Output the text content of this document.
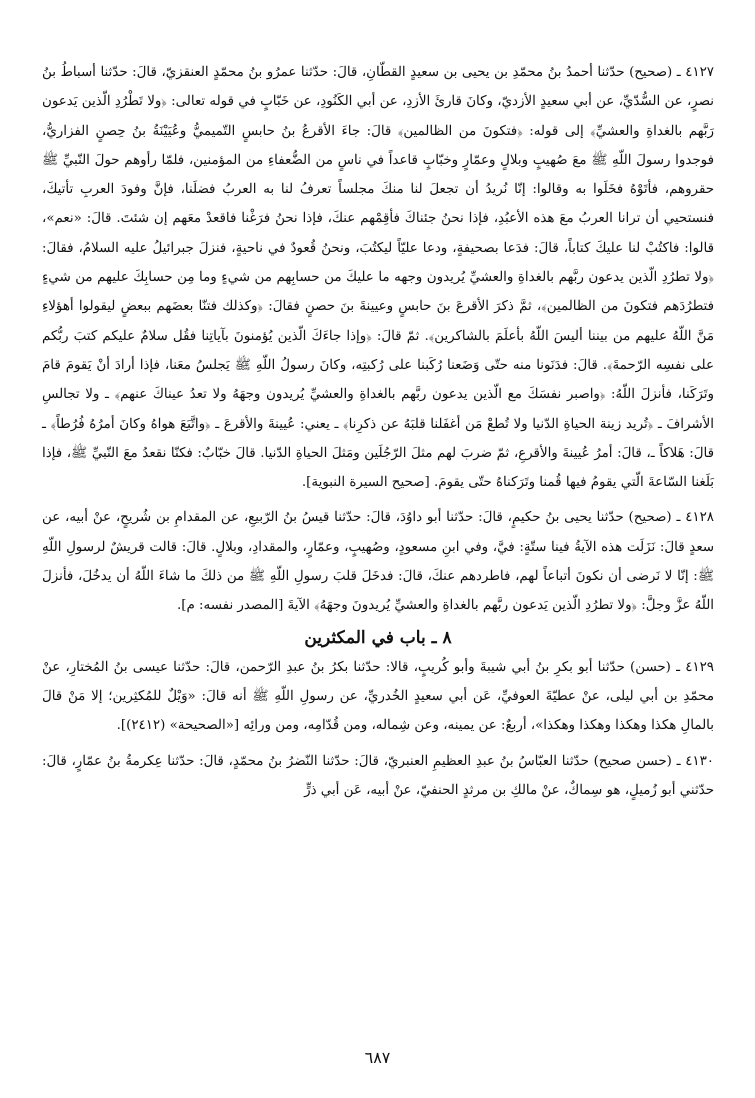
٤١٢٧ ـ (صحيح) حدّثنا أحمدُ بنُ محمّدِ بن يحيى بن سعيدٍ القطّانِ، قالَ: حدّثنا عمرُو بنُ محمّدٍ العنقزيّ، قالَ: حدّثنا أسباطُ بنُ نصرٍ، عن السُّدّيِّ، عن أبي سعيدٍ الأزديّ، وكانَ قارئَ الأزدِ، عن أبي الكَنُودِ، عن خَبّابٍ في قوله تعالى: ﴿ولا تَطْرُدِ الّذين يَدعون رَبَّهم بالغداةِ والعشيِّ﴾ إلى قوله: ﴿فتكونَ من الظالمين﴾ قالَ: جاءَ الأقرعُ بنُ حابسٍ التّميميُّ وعُيَيْنَةُ بنُ حِصنٍ الفزاريُّ، فوجدوا رسولَ اللّهِ ﷺ معَ صُهيبٍ وبلالٍ وعمّارٍ وخبّابٍ قاعداً في ناسٍ من الضُّعفاءِ من المؤمنين، فلمّا رأوهم حولَ النّبيِّ ﷺ حقروهم، فأتَوْهُ فخَلَوا به وقالوا: إنّا نُريدُ أن تجعلَ لنا منكَ مجلساً تعرفُ لنا به العربُ فضلَنا، فإنَّ وفودَ العربِ تأتيكَ، فنستحيي أن ترانا العربُ معَ هذه الأعبُدِ، فإذا نحنُ جئناكَ فأقِمْهم عنكَ، فإذا نحنُ فرَغْنا فاقعدْ معَهم إن شئتَ. قالَ: «نعم»، قالوا: فاكتُبْ لنا عليكَ كتاباً، قالَ: فدَعا بصحيفةٍ، ودعا عليّاً ليكتُبَ، ونحنُ قُعودٌ في ناحيةٍ، فنزلَ جبرائيلُ عليه السلامُ، فقالَ: ﴿ولا تطرُدِ الّذين يدعون ربَّهم بالغداةِ والعشيِّ يُريدون وجهه ما عليكَ من حسابِهم من شيءٍ وما مِن حسابِكَ عليهم من شيءٍ فتطرُدَهم فتكونَ من الظالمين﴾، ثمَّ ذكرَ الأقرعَ بنَ حابسٍ وعيينةَ بنَ حصنٍ فقالَ: ﴿وكذلك فتنّا بعضَهم ببعضٍ ليقولوا أهؤلاءِ مَنَّ اللّهُ عليهم من بيننا أليسَ اللّهُ بأعلَمَ بالشاكرين﴾. ثمّ قالَ: ﴿وإذا جاءَكَ الّذين يُؤمنونَ بآياتِنا فقُل سلامٌ عليكم كتبَ ربُّكم على نفسِه الرّحمةَ﴾. قالَ: فدَنَونا منه حتّى وَضَعنا رُكَبنا على رُكبتِه، وكانَ رسولُ اللّهِ ﷺ يَجلسُ معَنا، فإذا أرادَ أنْ يَقومَ قامَ وتَرَكَنا، فأنزلَ اللّهُ: ﴿واصبر نفسَكَ مع الّذين يدعون ربَّهم بالغداةِ والعشيِّ يُريدون وجهَهُ ولا تعدُ عيناكَ عنهم﴾ ـ ولا تجالسِ الأشرافَ ـ ﴿تُريد زينة الحياةِ الدّنيا ولا تُطعْ مَن أغفَلنا قلبَهُ عن ذكرِنا﴾ ـ يعني: عُيينةَ والأقرعَ ـ ﴿واتَّبَعَ هواهُ وكانَ أمرُهُ فُرُطاً﴾ ـ قالَ: هَلاكاً ـ، قالَ: أمرُ عُيينةَ والأقرعِ، ثمّ ضربَ لهم مثلَ الرّجُلَين ومَثلَ الحياةِ الدّنيا. قالَ خبّابٌ: فكنّا نقعدُ معَ النّبيِّ ﷺ، فإذا بَلَغنا السّاعةَ الّتي يقومُ فيها قُمنا وتَرَكناهُ حتّى يقومَ. [صحيح السيرة النبوية].

٤١٢٨ ـ (صحيح) حدّثنا يحيى بنُ حكيمٍ، قالَ: حدّثنا أبو داوُدَ، قالَ: حدّثنا قيسُ بنُ الرّبيعِ، عن المقدامِ بن شُريحٍ، عنْ أبيه، عن سعدٍ قالَ: نَزَلَت هذه الآيةُ فينا ستّةٍ: فيَّ، وفي ابنِ مسعودٍ، وصُهيبٍ، وعمّارٍ، والمقدادِ، وبلالٍ. قالَ: قالت قريشٌ لرسولِ اللّهِ ﷺ: إنّا لا نَرضى أن نكونَ أتباعاً لهم، فاطردهم عنكَ، قالَ: فدخَلَ قلبَ رسولِ اللّهِ ﷺ من ذلكَ ما شاءَ اللّهُ أن يدخُلَ، فأنزلَ اللّهُ عزَّ وجلَّ: ﴿ولا تطرُدِ الّذين يَدعون ربَّهم بالغداةِ والعشيِّ يُريدونَ وجهَهُ﴾ الآيةَ [المصدر نفسه: م].

٨ ـ باب في المكثرين

٤١٢٩ ـ (حسن) حدّثنا أبو بكرِ بنُ أبي شيبةَ وأبو كُريبٍ، قالا: حدّثنا بكرُ بنُ عبدِ الرّحمن، قالَ: حدّثنا عيسى بنُ المُختارِ، عنْ محمّدِ بن أبي ليلى، عنْ عطيّةَ العوفيِّ، عَن أبي سعيدٍ الخُدريِّ، عن رسولِ اللّهِ ﷺ أنه قالَ: «وَيْلٌ للمُكثِرين؛ إلا مَنْ قالَ بالمالِ هكذا وهكذا وهكذا وهكذا»، أربعٌ: عن يمينه، وعن شِماله، ومن قُدّامِه، ومن ورائِه [«الصحيحة» (٢٤١٢)].

٤١٣٠ ـ (حسن صحيح) حدّثنا العبّاسُ بنُ عبدِ العظيمِ العنبريّ، قالَ: حدّثنا النّضرُ بنُ محمّدٍ، قالَ: حدّثنا عِكرمةُ بنُ عمّارٍ، قالَ: حدّثني أبو زُميلٍ، هو سِماكٌ، عنْ مالكِ بن مرثدٍ الحنفيّ، عنْ أبيه، عَن أبي ذرٍّ

٦٨٧
